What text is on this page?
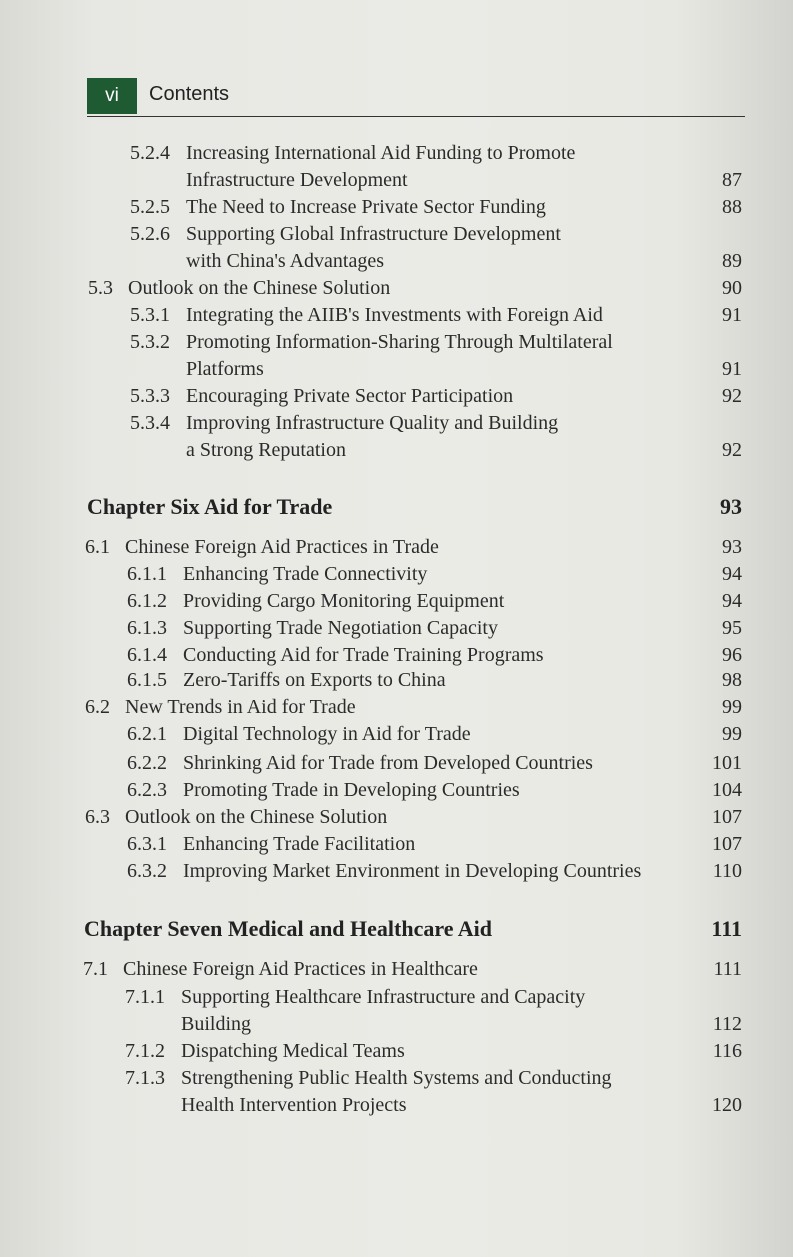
vi	Contents
5.2.4 Increasing International Aid Funding to Promote
Infrastructure Development	87
5.2.5 The Need to Increase Private Sector Funding	88
5.2.6 Supporting Global Infrastructure Development
with China's Advantages	89
5.3 Outlook on the Chinese Solution	90
5.3.1 Integrating the AIIB's Investments with Foreign Aid	91
5.3.2 Promoting Information-Sharing Through Multilateral
Platforms	91
5.3.3 Encouraging Private Sector Participation	92
5.3.4 Improving Infrastructure Quality and Building
a Strong Reputation	92
Chapter Six Aid for Trade	93
6.1 Chinese Foreign Aid Practices in Trade	93
6.1.1 Enhancing Trade Connectivity	94
6.1.2 Providing Cargo Monitoring Equipment	94
6.1.3 Supporting Trade Negotiation Capacity	95
6.1.4 Conducting Aid for Trade Training Programs	96
6.1.5 Zero-Tariffs on Exports to China	98
6.2 New Trends in Aid for Trade	99
6.2.1 Digital Technology in Aid for Trade	99
6.2.2 Shrinking Aid for Trade from Developed Countries	101
6.2.3 Promoting Trade in Developing Countries	104
6.3 Outlook on the Chinese Solution	107
6.3.1 Enhancing Trade Facilitation	107
6.3.2 Improving Market Environment in Developing Countries	110
Chapter Seven Medical and Healthcare Aid	111
7.1 Chinese Foreign Aid Practices in Healthcare	111
7.1.1 Supporting Healthcare Infrastructure and Capacity
Building	112
7.1.2 Dispatching Medical Teams	116
7.1.3 Strengthening Public Health Systems and Conducting
Health Intervention Projects	120
